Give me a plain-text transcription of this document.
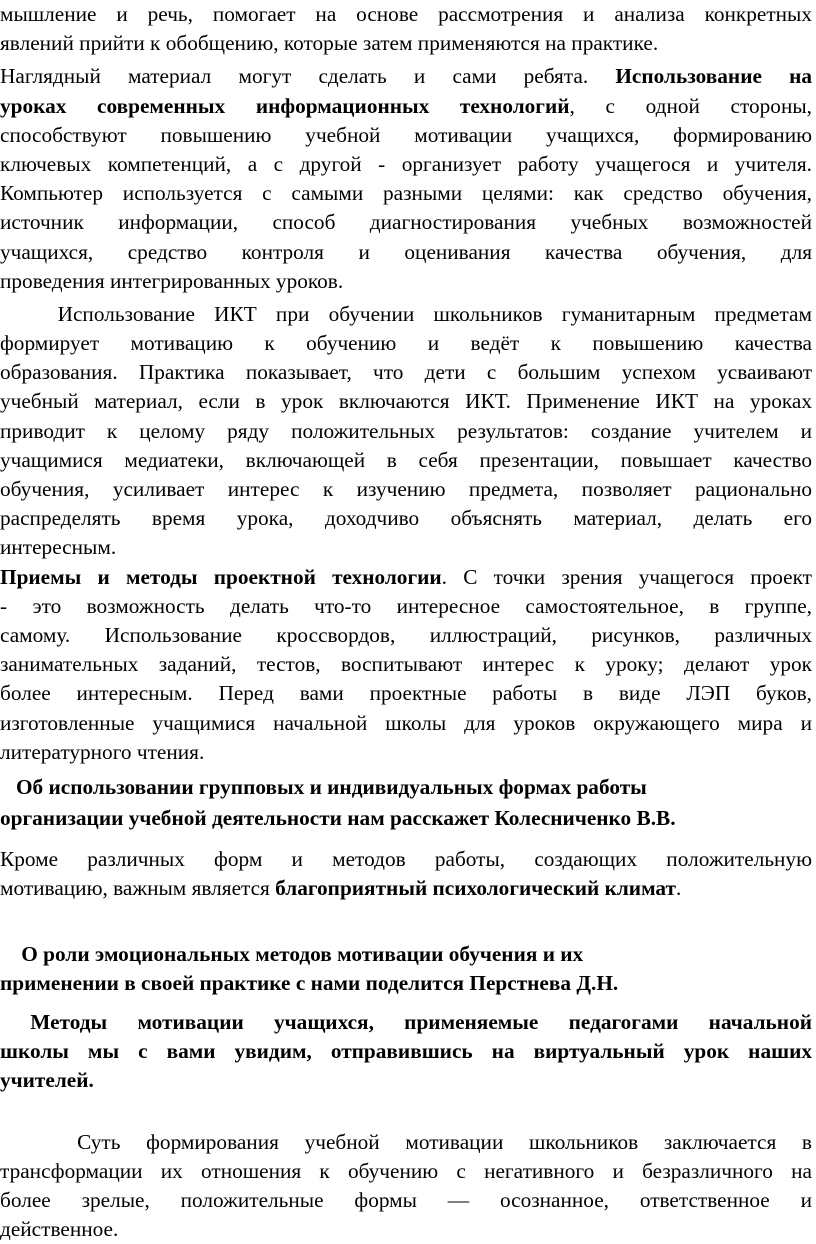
мышление и речь, помогает на основе рассмотрения и анализа конкретных
явлений прийти к обобщению, которые затем применяются на практике.
Наглядный материал могут сделать и сами ребята. Использование на
уроках современных информационных технологий, с одной стороны,
способствуют повышению учебной мотивации учащихся, формированию
ключевых компетенций, а с другой - организует работу учащегося и учителя.
Компьютер используется с самыми разными целями: как средство обучения,
источник информации, способ диагностирования учебных возможностей
учащихся, средство контроля и оценивания качества обучения, для
проведения интегрированных уроков.
Использование ИКТ при обучении школьников гуманитарным предметам
формирует мотивацию к обучению и ведёт к повышению качества
образования. Практика показывает, что дети с большим успехом усваивают
учебный материал, если в урок включаются ИКТ. Применение ИКТ на уроках
приводит к целому ряду положительных результатов: создание учителем и
учащимися медиатеки, включающей в себя презентации, повышает качество
обучения, усиливает интерес к изучению предмета, позволяет рационально
распределять время урока, доходчиво объяснять материал, делать его
интересным.
Приемы и методы проектной технологии. С точки зрения учащегося проект
- это возможность делать что-то интересное самостоятельное, в группе,
самому. Использование кроссвордов, иллюстраций, рисунков, различных
занимательных заданий, тестов, воспитывают интерес к уроку; делают урок
более интересным. Перед вами проектные работы в виде ЛЭП буков,
изготовленные учащимися начальной школы для уроков окружающего мира и
литературного чтения.
Об использовании групповых и индивидуальных формах работы
организации учебной деятельности нам расскажет Колесниченко В.В.
Кроме различных форм и методов работы, создающих положительную
мотивацию, важным является благоприятный психологический климат.
О роли эмоциональных методов мотивации обучения и их
применении в своей практике с нами поделится Перстнева Д.Н.
Методы мотивации учащихся, применяемые педагогами начальной
школы мы с вами увидим, отправившись на виртуальный урок наших
учителей.
Суть формирования учебной мотивации школьников заключается в
трансформации их отношения к обучению с негативного и безразличного на
более зрелые, положительные формы — осознанное, ответственное и
действенное.
